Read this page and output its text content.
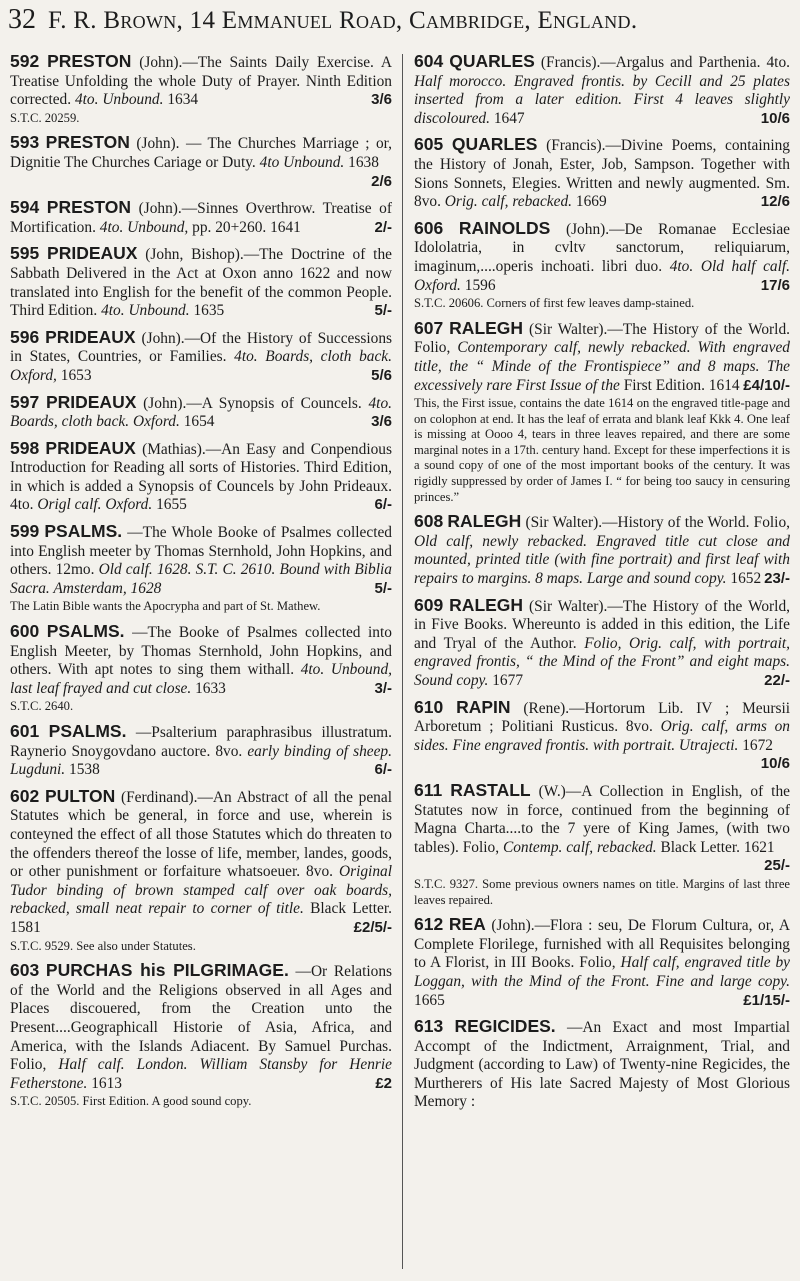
32 F. R. Brown, 14 Emmanuel Road, Cambridge, England.
592 PRESTON (John).—The Saints Daily Exercise. A Treatise Unfolding the whole Duty of Prayer. Ninth Edition corrected. 4to. Unbound. 1634	3/6
S.T.C. 20259.
593 PRESTON (John). — The Churches Marriage ; or, Dignitie The Churches Cariage or Duty. 4to Unbound. 1638
2/6
594 PRESTON (John).—Sinnes Overthrow. Treatise of Mortification. 4to. Unbound, pp. 20+260. 1641	2/-
595 PRIDEAUX (John, Bishop).—The Doctrine of the Sabbath Delivered in the Act at Oxon anno 1622 and now translated into English for the benefit of the common People. Third Edition. 4to. Unbound. 1635	5/-
596 PRIDEAUX (John).—Of the History of Successions in States, Countries, or Families. 4to. Boards, cloth back. Oxford, 1653	5/6
597 PRIDEAUX (John).—A Synopsis of Councels. 4to. Boards, cloth back. Oxford. 1654	3/6
598 PRIDEAUX (Mathias).—An Easy and Conpendious Introduction for Reading all sorts of Histories. Third Edition, in which is added a Synopsis of Councels by John Prideaux. 4to. Origl calf. Oxford. 1655	6/-
599 PSALMS. —The Whole Booke of Psalmes collected into English meeter by Thomas Sternhold, John Hopkins, and others. 12mo. Old calf. 1628. S.T. C. 2610. Bound with Biblia Sacra. Amsterdam, 1628	5/-
The Latin Bible wants the Apocrypha and part of St. Mathew.
600 PSALMS. —The Booke of Psalmes collected into English Meeter, by Thomas Sternhold, John Hopkins, and others. With apt notes to sing them withall. 4to. Unbound, last leaf frayed and cut close. 1633	3/-
S.T.C. 2640.
601 PSALMS. —Psalterium paraphrasibus illustratum. Raynerio Snoygovdano auctore. 8vo. early binding of sheep. Lugduni. 1538	6/-
602 PULTON (Ferdinand).—An Abstract of all the penal Statutes which be general, in force and use, wherein is conteyned the effect of all those Statutes which do threaten to the offenders thereof the losse of life, member, landes, goods, or other punishment or forfaiture whatsoeuer. 8vo. Original Tudor binding of brown stamped calf over oak boards, rebacked, small neat repair to corner of title. Black Letter. 1581	£2/5/-
S.T.C. 9529. See also under Statutes.
603 PURCHAS his PILGRIMAGE. —Or Relations of the World and the Religions observed in all Ages and Places discouered, from the Creation unto the Present....Geographicall Historie of Asia, Africa, and America, with the Islands Adiacent. By Samuel Purchas. Folio, Half calf. London. William Stansby for Henrie Fetherstone. 1613	£2
S.T.C. 20505. First Edition. A good sound copy.
604 QUARLES (Francis).—Argalus and Parthenia. 4to. Half morocco. Engraved frontis. by Cecill and 25 plates inserted from a later edition. First 4 leaves slightly discoloured. 1647	10/6
605 QUARLES (Francis).—Divine Poems, containing the History of Jonah, Ester, Job, Sampson. Together with Sions Sonnets, Elegies. Written and newly augmented. Sm. 8vo. Orig. calf, rebacked. 1669	12/6
606 RAINOLDS (John).—De Romanae Ecclesiae Idololatria, in cvltv sanctorum, reliquiarum, imaginum,....operis inchoati. libri duo. 4to. Old half calf. Oxford. 1596	17/6
S.T.C. 20606. Corners of first few leaves damp-stained.
607 RALEGH (Sir Walter).—The History of the World. Folio, Contemporary calf, newly rebacked. With engraved title, the “ Minde of the Frontispiece” and 8 maps. The excessively rare First Issue of the First Edition. 1614 £4/10/-
This, the First issue, contains the date 1614 on the engraved title-page and on colophon at end. It has the leaf of errata and blank leaf Kkk 4. One leaf is missing at Oooo 4, tears in three leaves repaired, and there are some marginal notes in a 17th. century hand. Except for these imperfections it is a sound copy of one of the most important books of the century. It was rigidly suppressed by order of James I. “ for being too saucy in censuring princes.”
608 RALEGH (Sir Walter).—History of the World. Folio, Old calf, newly rebacked. Engraved title cut close and mounted, printed title (with fine portrait) and first leaf with repairs to margins. 8 maps. Large and sound copy. 1652 23/-
609 RALEGH (Sir Walter).—The History of the World, in Five Books. Whereunto is added in this edition, the Life and Tryal of the Author. Folio, Orig. calf, with portrait, engraved frontis, “ the Mind of the Front” and eight maps. Sound copy. 1677	22/-
610 RAPIN (Rene).—Hortorum Lib. IV ; Meursii Arboretum ; Politiani Rusticus. 8vo. Orig. calf, arms on sides. Fine engraved frontis. with portrait. Utrajecti. 1672
10/6
611 RASTALL (W.)—A Collection in English, of the Statutes now in force, continued from the beginning of Magna Charta....to the 7 yere of King James, (with two tables). Folio, Contemp. calf, rebacked. Black Letter. 1621
25/-
S.T.C. 9327. Some previous owners names on title. Margins of last three leaves repaired.
612 REA (John).—Flora : seu, De Florum Cultura, or, A Complete Florilege, furnished with all Requisites belonging to A Florist, in III Books. Folio, Half calf, engraved title by Loggan, with the Mind of the Front. Fine and large copy. 1665	£1/15/-
613 REGICIDES. —An Exact and most Impartial Accompt of the Indictment, Arraignment, Trial, and Judgment (according to Law) of Twenty-nine Regicides, the Murtherers of His late Sacred Majesty of Most Glorious Memory :
